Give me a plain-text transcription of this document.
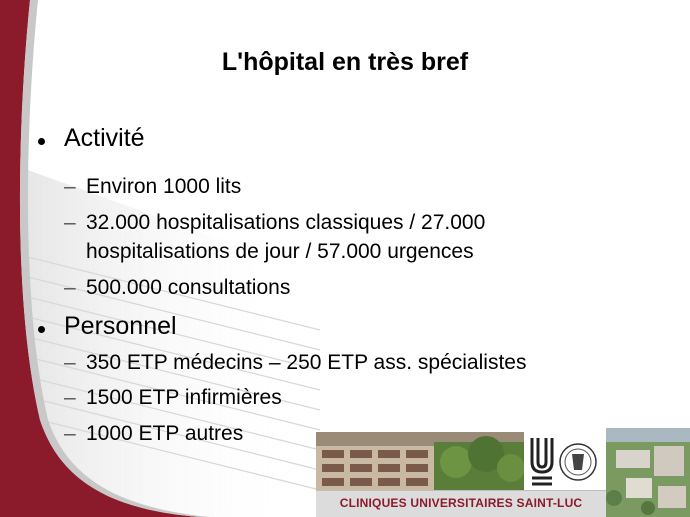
L'hôpital en très bref
Activité
– Environ 1000 lits
– 32.000 hospitalisations classiques / 27.000
hospitalisations de jour / 57.000 urgences
– 500.000 consultations
Personnel
– 350 ETP médecins – 250 ETP ass. spécialistes
– 1500 ETP infirmières
– 1000 ETP autres
CLINIQUES UNIVERSITAIRES SAINT-LUC
